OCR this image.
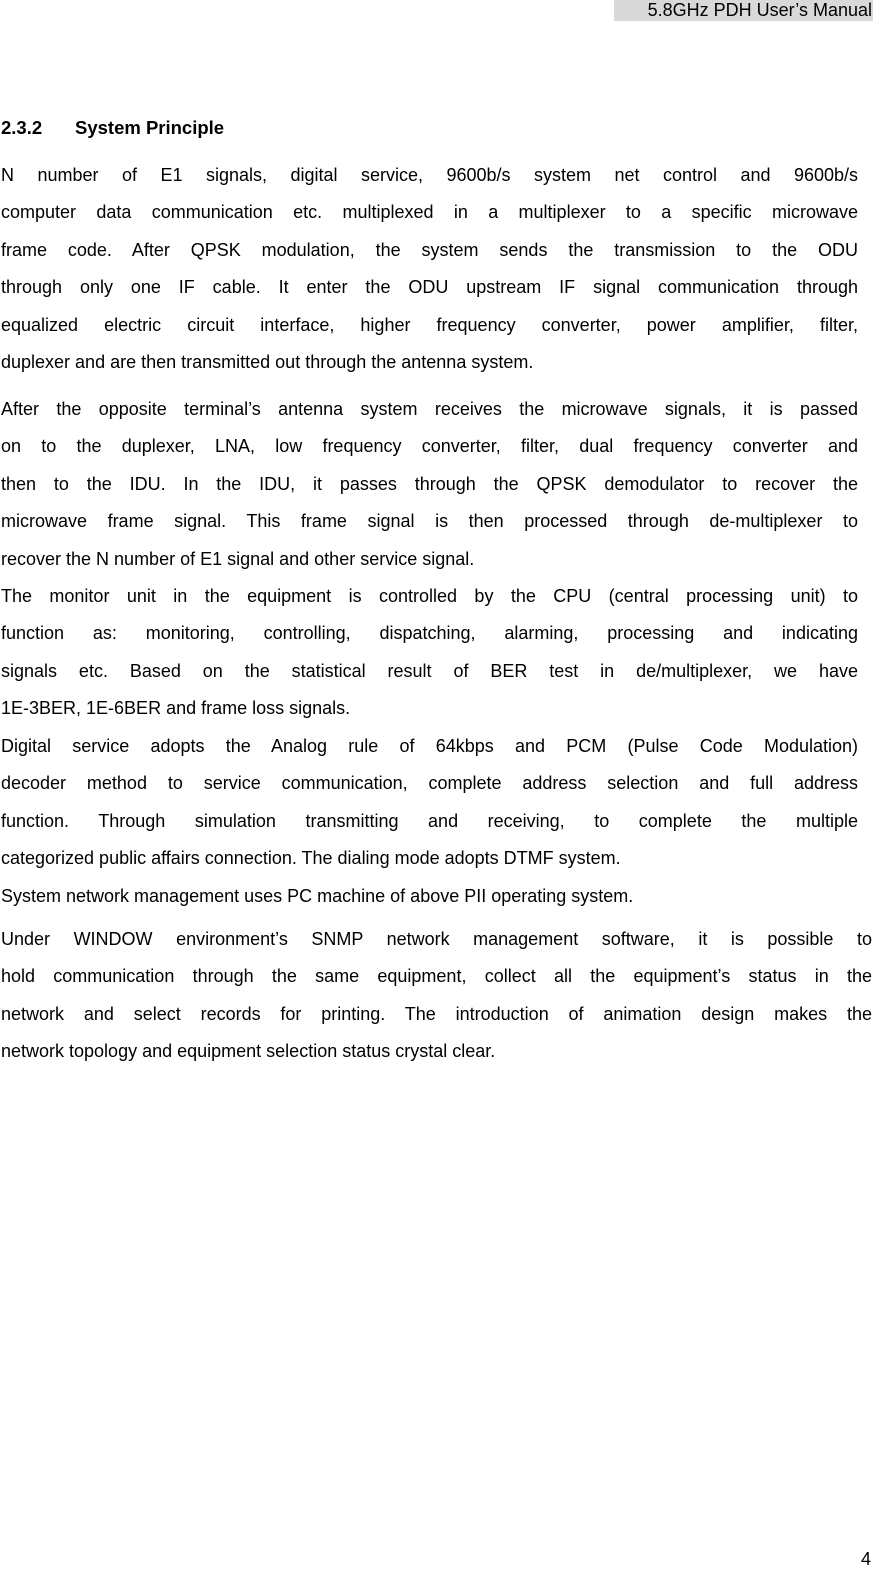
5.8GHz PDH User’s Manual
2.3.2 System Principle
N number of E1 signals, digital service, 9600b/s system net control and 9600b/s
computer data communication etc. multiplexed in a multiplexer to a specific microwave
frame code. After QPSK modulation, the system sends the transmission to the ODU
through only one IF cable. It enter the ODU upstream IF signal communication through
equalized electric circuit interface, higher frequency converter, power amplifier, filter,
duplexer and are then transmitted out through the antenna system.
After the opposite terminal’s antenna system receives the microwave signals, it is passed
on to the duplexer, LNA, low frequency converter, filter, dual frequency converter and
then to the IDU. In the IDU, it passes through the QPSK demodulator to recover the
microwave frame signal. This frame signal is then processed through de-multiplexer to
recover the N number of E1 signal and other service signal.
The monitor unit in the equipment is controlled by the CPU (central processing unit) to
function as: monitoring, controlling, dispatching, alarming, processing and indicating
signals etc. Based on the statistical result of BER test in de/multiplexer, we have
1E-3BER, 1E-6BER and frame loss signals.
Digital service adopts the Analog rule of 64kbps and PCM (Pulse Code Modulation)
decoder method to service communication, complete address selection and full address
function. Through simulation transmitting and receiving, to complete the multiple
categorized public affairs connection. The dialing mode adopts DTMF system.
System network management uses PC machine of above PII operating system.
Under WINDOW environment’s SNMP network management software, it is possible to
hold communication through the same equipment, collect all the equipment’s status in the
network and select records for printing. The introduction of animation design makes the
network topology and equipment selection status crystal clear.
4
